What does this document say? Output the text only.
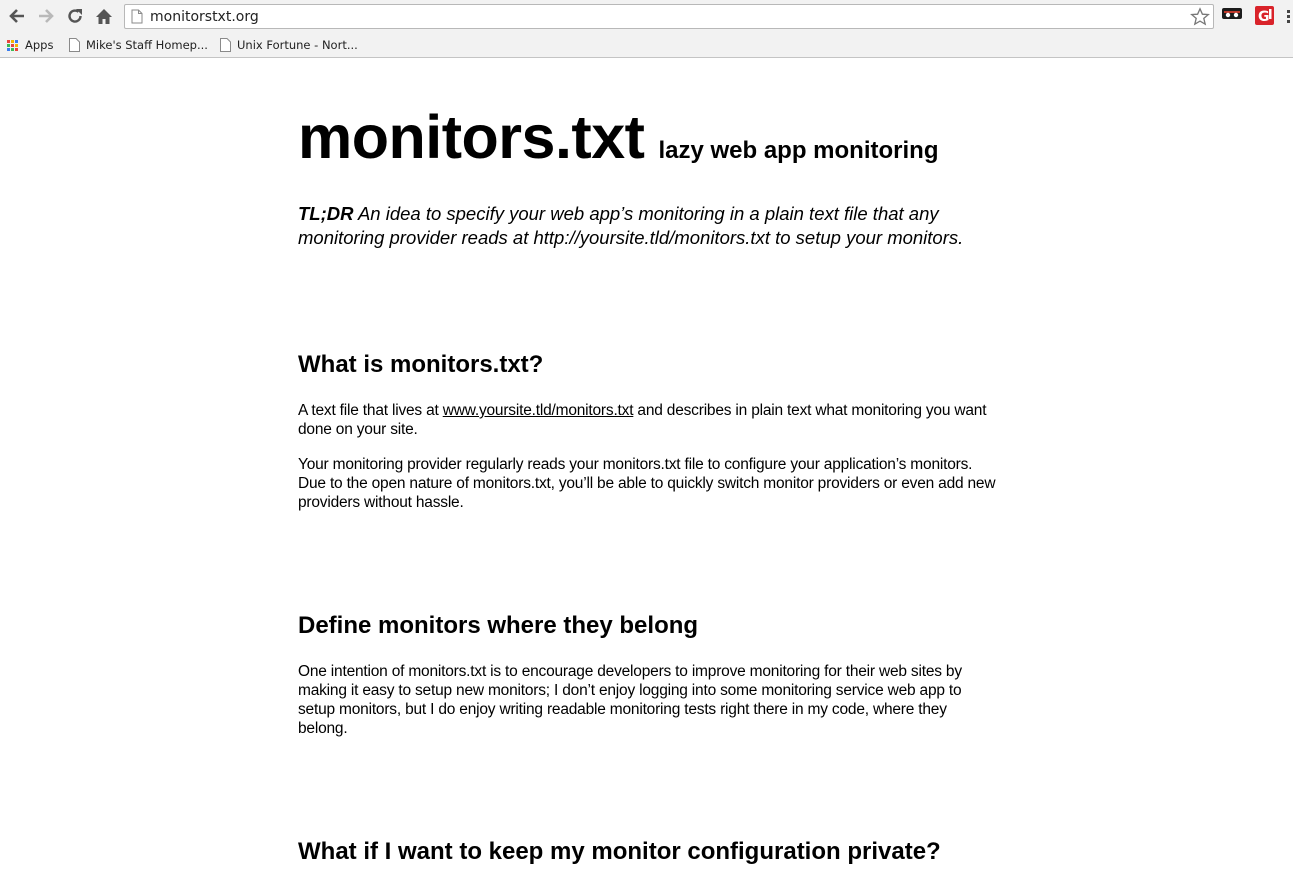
monitorstxt.org	G
Apps	Mike's Staff Homep...	Unix Fortune - Nort...
monitors.txt lazy web app monitoring

TL;DR An idea to specify your web app’s monitoring in a plain text file that any monitoring provider reads at http://yoursite.tld/monitors.txt to setup your monitors.

What is monitors.txt?

A text file that lives at www.yoursite.tld/monitors.txt and describes in plain text what monitoring you want done on your site.

Your monitoring provider regularly reads your monitors.txt file to configure your application’s monitors. Due to the open nature of monitors.txt, you’ll be able to quickly switch monitor providers or even add new providers without hassle.

Define monitors where they belong

One intention of monitors.txt is to encourage developers to improve monitoring for their web sites by making it easy to setup new monitors; I don’t enjoy logging into some monitoring service web app to setup monitors, but I do enjoy writing readable monitoring tests right there in my code, where they belong.

What if I want to keep my monitor configuration private?
